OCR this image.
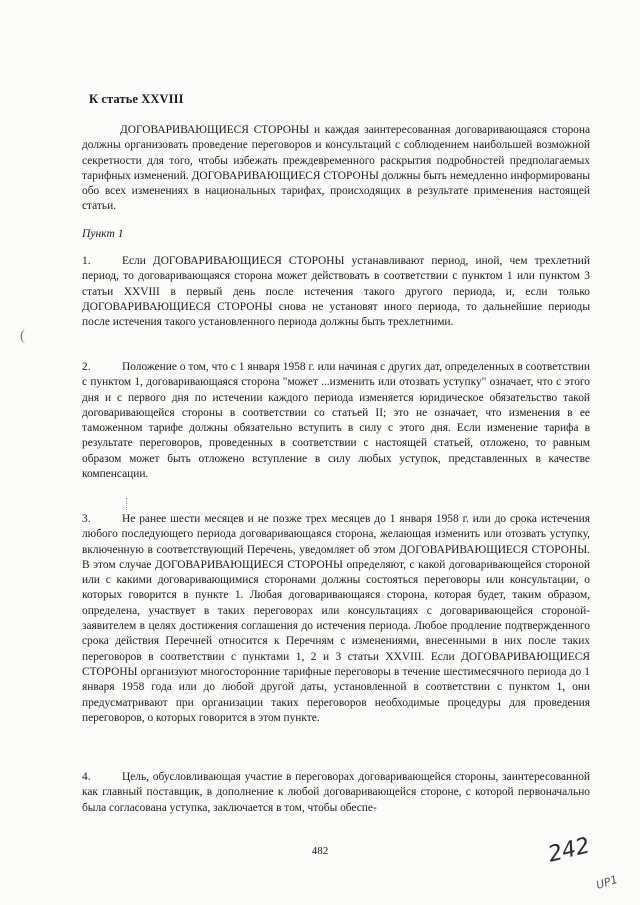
К статье XXVIII
ДОГОВАРИВАЮЩИЕСЯ СТОРОНЫ и каждая заинтересованная договаривающаяся сторона должны организовать проведение переговоров и консультаций с соблюдением наибольшей возможной секретности для того, чтобы избежать преждевременного раскрытия подробностей предполагаемых тарифных изменений. ДОГОВАРИВАЮЩИЕСЯ СТОРОНЫ должны быть немедленно информированы обо всех изменениях в национальных тарифах, происходящих в результате применения настоящей статьи.
Пункт 1
1.	Если ДОГОВАРИВАЮЩИЕСЯ СТОРОНЫ устанавливают период, иной, чем трехлетний период, то договаривающаяся сторона может действовать в соответствии с пунктом 1 или пунктом 3 статьи XXVIII в первый день после истечения такого другого периода, и, если только ДОГОВАРИВАЮЩИЕСЯ СТОРОНЫ снова не установят иного периода, то дальнейшие периоды после истечения такого установленного периода должны быть трехлетними.
2.	Положение о том, что с 1 января 1958 г. или начиная с других дат, определенных в соответствии с пунктом 1, договаривающаяся сторона "может ...изменить или отозвать уступку" означает, что с этого дня и с первого дня по истечении каждого периода изменяется юридическое обязательство такой договаривающейся стороны в соответствии со статьей II; это не означает, что изменения в ее таможенном тарифе должны обязательно вступить в силу с этого дня. Если изменение тарифа в результате переговоров, проведенных в соответствии с настоящей статьей, отложено, то равным образом может быть отложено вступление в силу любых уступок, представленных в качестве компенсации.
3.	Не ранее шести месяцев и не позже трех месяцев до 1 января 1958 г. или до срока истечения любого последующего периода договаривающаяся сторона, желающая изменить или отозвать уступку, включенную в соответствующий Перечень, уведомляет об этом ДОГОВАРИВАЮЩИЕСЯ СТОРОНЫ. В этом случае ДОГОВАРИВАЮЩИЕСЯ СТОРОНЫ определяют, с какой договаривающейся стороной или с какими договаривающимися сторонами должны состояться переговоры или консультации, о которых говорится в пункте 1. Любая договаривающаяся сторона, которая будет, таким образом, определена, участвует в таких переговорах или консультациях с договаривающейся стороной-заявителем в целях достижения соглашения до истечения периода. Любое продление подтвержденного срока действия Перечней относится к Перечням с изменениями, внесенными в них после таких переговоров в соответствии с пунктами 1, 2 и 3 статьи XXVIII. Если ДОГОВАРИВАЮЩИЕСЯ СТОРОНЫ организуют многосторонние тарифные переговоры в течение шестимесячного периода до 1 января 1958 года или до любой другой даты, установленной в соответствии с пунктом 1, они предусматривают при организации таких переговоров необходимые процедуры для проведения переговоров, о которых говорится в этом пункте.
4.	Цель, обусловливающая участие в переговорах договаривающейся стороны, заинтересованной как главный поставщик, в дополнение к любой договаривающейся стороне, с которой первоначально была согласована уступка, заключается в том, чтобы обеспе-
482	242
UP1
(
